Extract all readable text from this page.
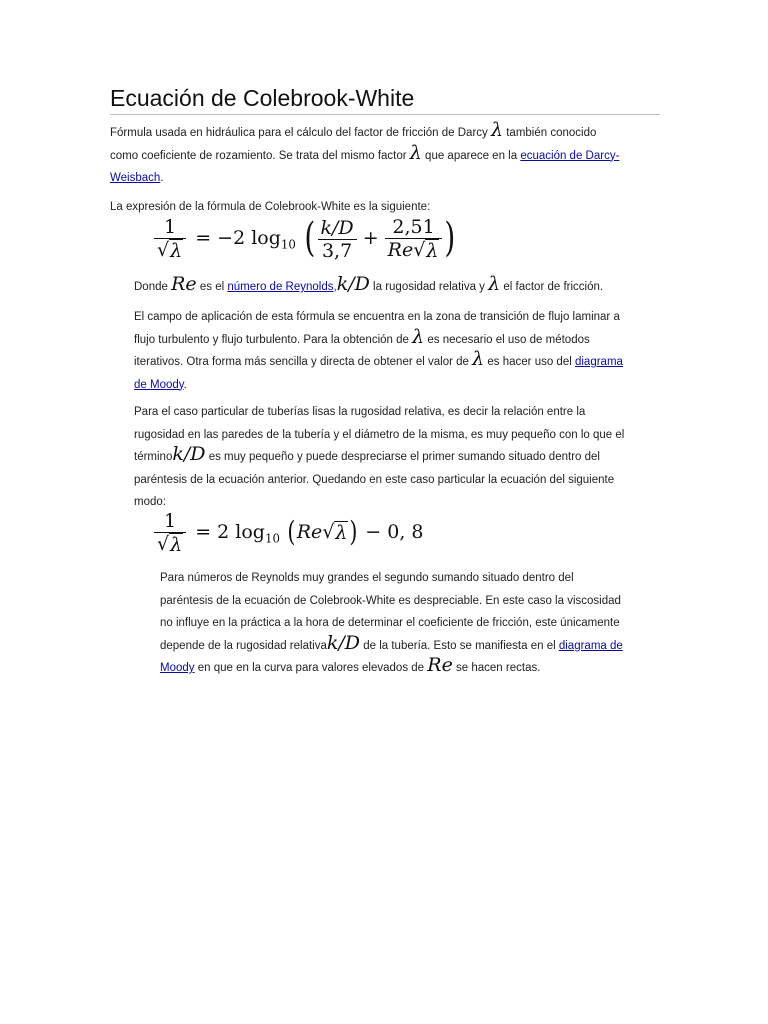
Ecuación de Colebrook-White

Fórmula usada en hidráulica para el cálculo del factor de fricción de Darcy λ también conocido

como coeficiente de rozamiento. Se trata del mismo factor λ que aparece en la ecuación de Darcy-

Weisbach.

La expresión de la fórmula de Colebrook-White es la siguiente:

$\frac{1}{√ \lambda} = -2$ $\log_{10}$ ( $\frac{k/D}{3,7} + \frac{2,51}{Re √ \lambda}$ )

Donde Re es el número de Reynolds,k/D la rugosidad relativa y λ el factor de fricción.

El campo de aplicación de esta fórmula se encuentra en la zona de transición de flujo laminar a

flujo turbulento y flujo turbulento. Para la obtención de λ es necesario el uso de métodos

iterativos. Otra forma más sencilla y directa de obtener el valor de λ es hacer uso del diagrama

de Moody.

Para el caso particular de tuberías lisas la rugosidad relativa, es decir la relación entre la

rugosidad en las paredes de la tubería y el diámetro de la misma, es muy pequeño con lo que el

términok/D es muy pequeño y puede despreciarse el primer sumando situado dentro del

paréntesis de la ecuación anterior. Quedando en este caso particular la ecuación del siguiente

modo:

$\frac{1}{√ \lambda} = 2$ $\log_{10} (Re$ √ λ ) − 0, 8

Para números de Reynolds muy grandes el segundo sumando situado dentro del

paréntesis de la ecuación de Colebrook-White es despreciable. En este caso la viscosidad

no influye en la práctica a la hora de determinar el coeficiente de fricción, este únicamente

depende de la rugosidad relativak/D de la tubería. Esto se manifiesta en el diagrama de

Moody en que en la curva para valores elevados de Re se hacen rectas.
